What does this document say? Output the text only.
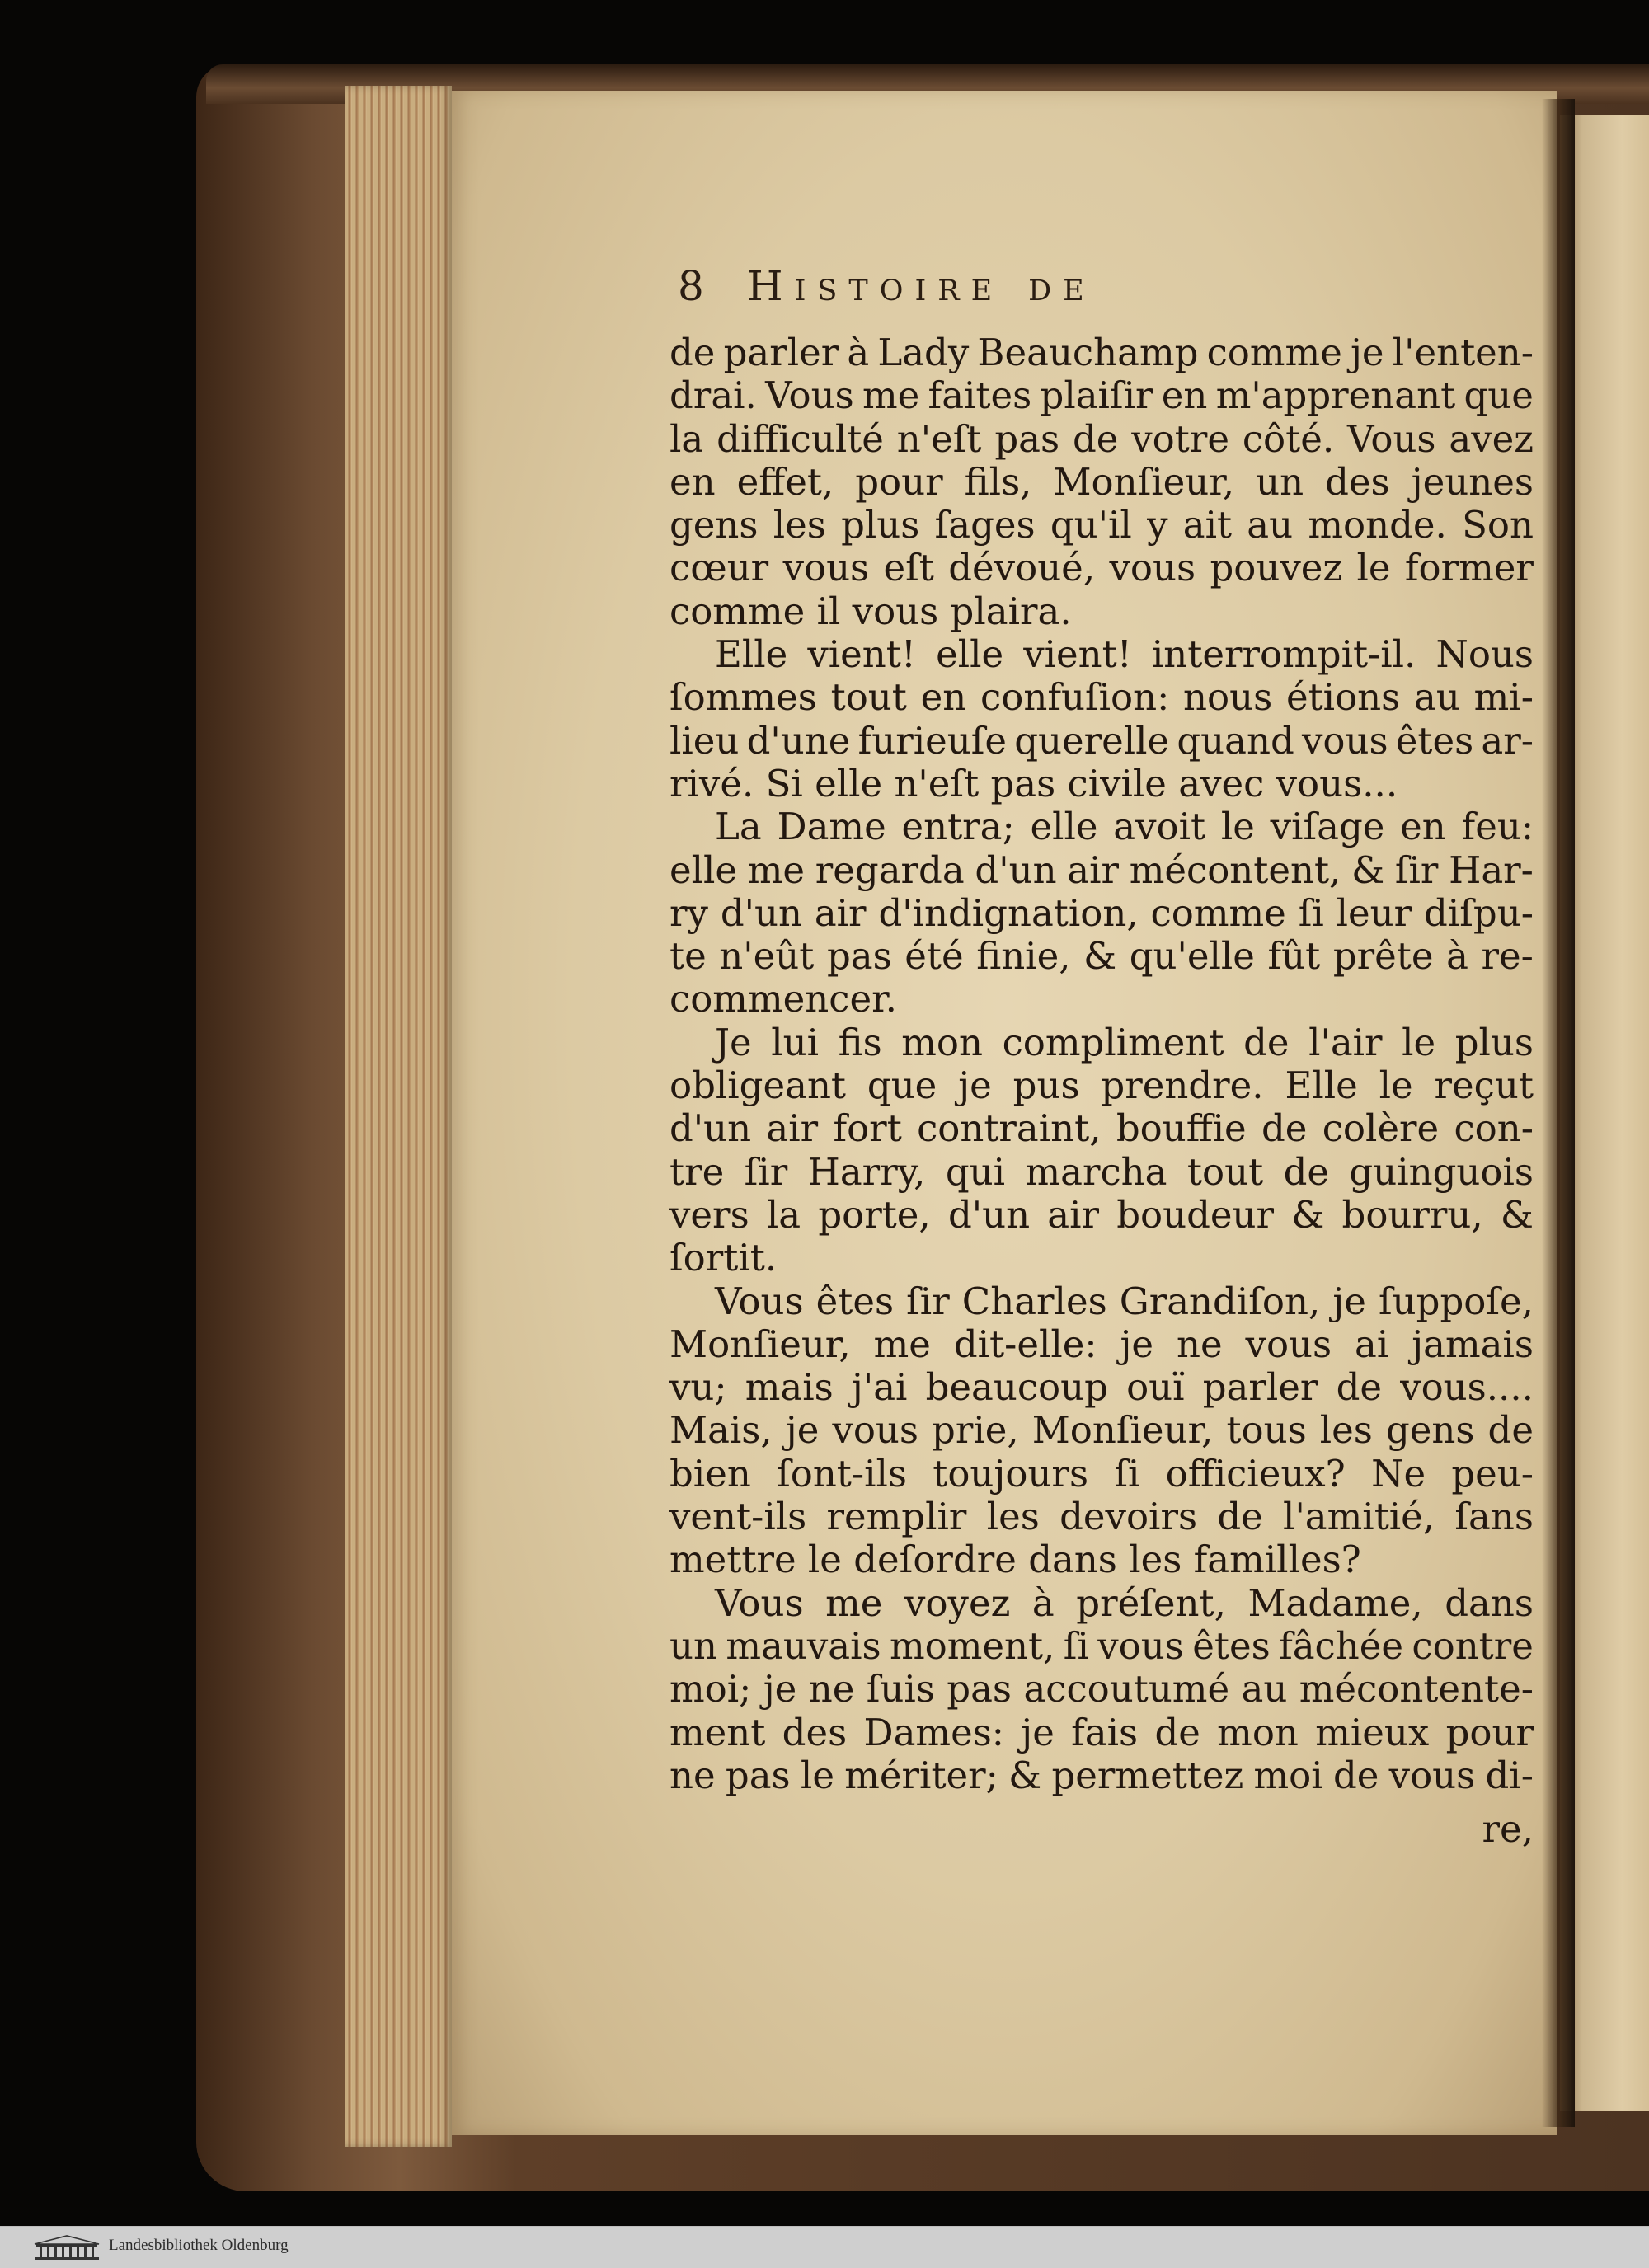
8 Histoire de
de parler à Lady Beauchamp comme je l'enten-
drai. Vous me faites plaiſir en m'apprenant que
la difficulté n'eſt pas de votre côté. Vous avez
en effet, pour fils, Monſieur, un des jeunes
gens les plus ſages qu'il y ait au monde. Son
cœur vous eſt dévoué, vous pouvez le former
comme il vous plaira.
Elle vient! elle vient! interrompit-il. Nous
ſommes tout en confuſion: nous étions au mi-
lieu d'une furieuſe querelle quand vous êtes ar-
rivé. Si elle n'eſt pas civile avec vous...
La Dame entra; elle avoit le viſage en feu:
elle me regarda d'un air mécontent, & ſir Har-
ry d'un air d'indignation, comme ſi leur diſpu-
te n'eût pas été finie, & qu'elle fût prête à re-
commencer.
Je lui fis mon compliment de l'air le plus
obligeant que je pus prendre. Elle le reçut
d'un air fort contraint, bouffie de colère con-
tre ſir Harry, qui marcha tout de guinguois
vers la porte, d'un air boudeur & bourru, &
ſortit.
Vous êtes ſir Charles Grandiſon, je ſuppoſe,
Monſieur, me dit-elle: je ne vous ai jamais
vu; mais j'ai beaucoup ouï parler de vous....
Mais, je vous prie, Monſieur, tous les gens de
bien ſont-ils toujours ſi officieux? Ne peu-
vent-ils remplir les devoirs de l'amitié, ſans
mettre le deſordre dans les familles?
Vous me voyez à préſent, Madame, dans
un mauvais moment, ſi vous êtes fâchée contre
moi; je ne ſuis pas accoutumé au mécontente-
ment des Dames: je fais de mon mieux pour
ne pas le mériter; & permettez moi de vous di-
re,
Landesbibliothek Oldenburg
